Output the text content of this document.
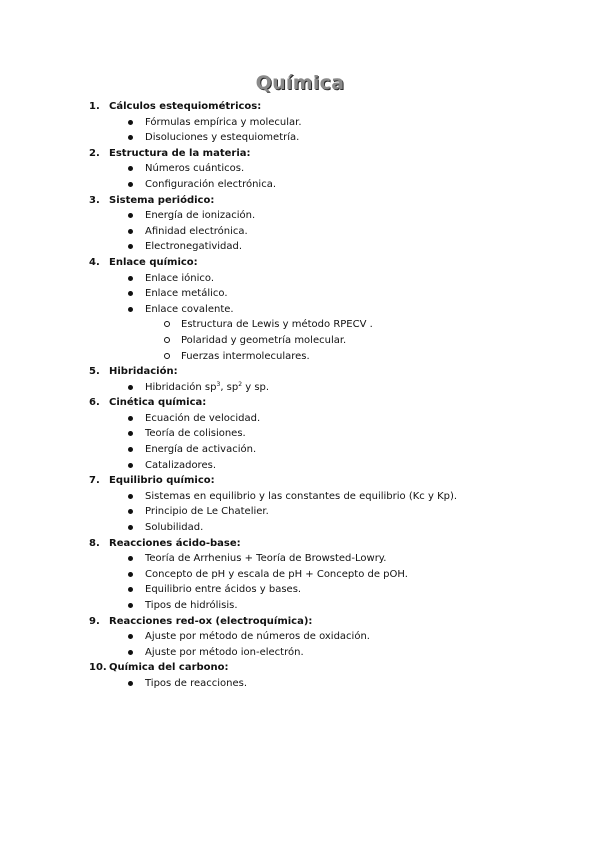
Química
1. Cálculos estequiométricos:
Fórmulas empírica y molecular.
Disoluciones y estequiometría.
2. Estructura de la materia:
Números cuánticos.
Configuración electrónica.
3. Sistema periódico:
Energía de ionización.
Afinidad electrónica.
Electronegatividad.
4. Enlace químico:
Enlace iónico.
Enlace metálico.
Enlace covalente.
Estructura de Lewis y método RPECV .
Polaridad y geometría molecular.
Fuerzas intermoleculares.
5. Hibridación:
Hibridación $sp^3$, $sp^2$ y sp.
6. Cinética química:
Ecuación de velocidad.
Teoría de colisiones.
Energía de activación.
Catalizadores.
7. Equilibrio químico:
Sistemas en equilibrio y las constantes de equilibrio (Kc y Kp).
Principio de Le Chatelier.
Solubilidad.
8. Reacciones ácido-base:
Teoría de Arrhenius + Teoría de Browsted-Lowry.
Concepto de pH y escala de pH + Concepto de pOH.
Equilibrio entre ácidos y bases.
Tipos de hidrólisis.
9. Reacciones red-ox (electroquímica):
Ajuste por método de números de oxidación.
Ajuste por método ion-electrón.
10. Química del carbono:
Tipos de reacciones.
